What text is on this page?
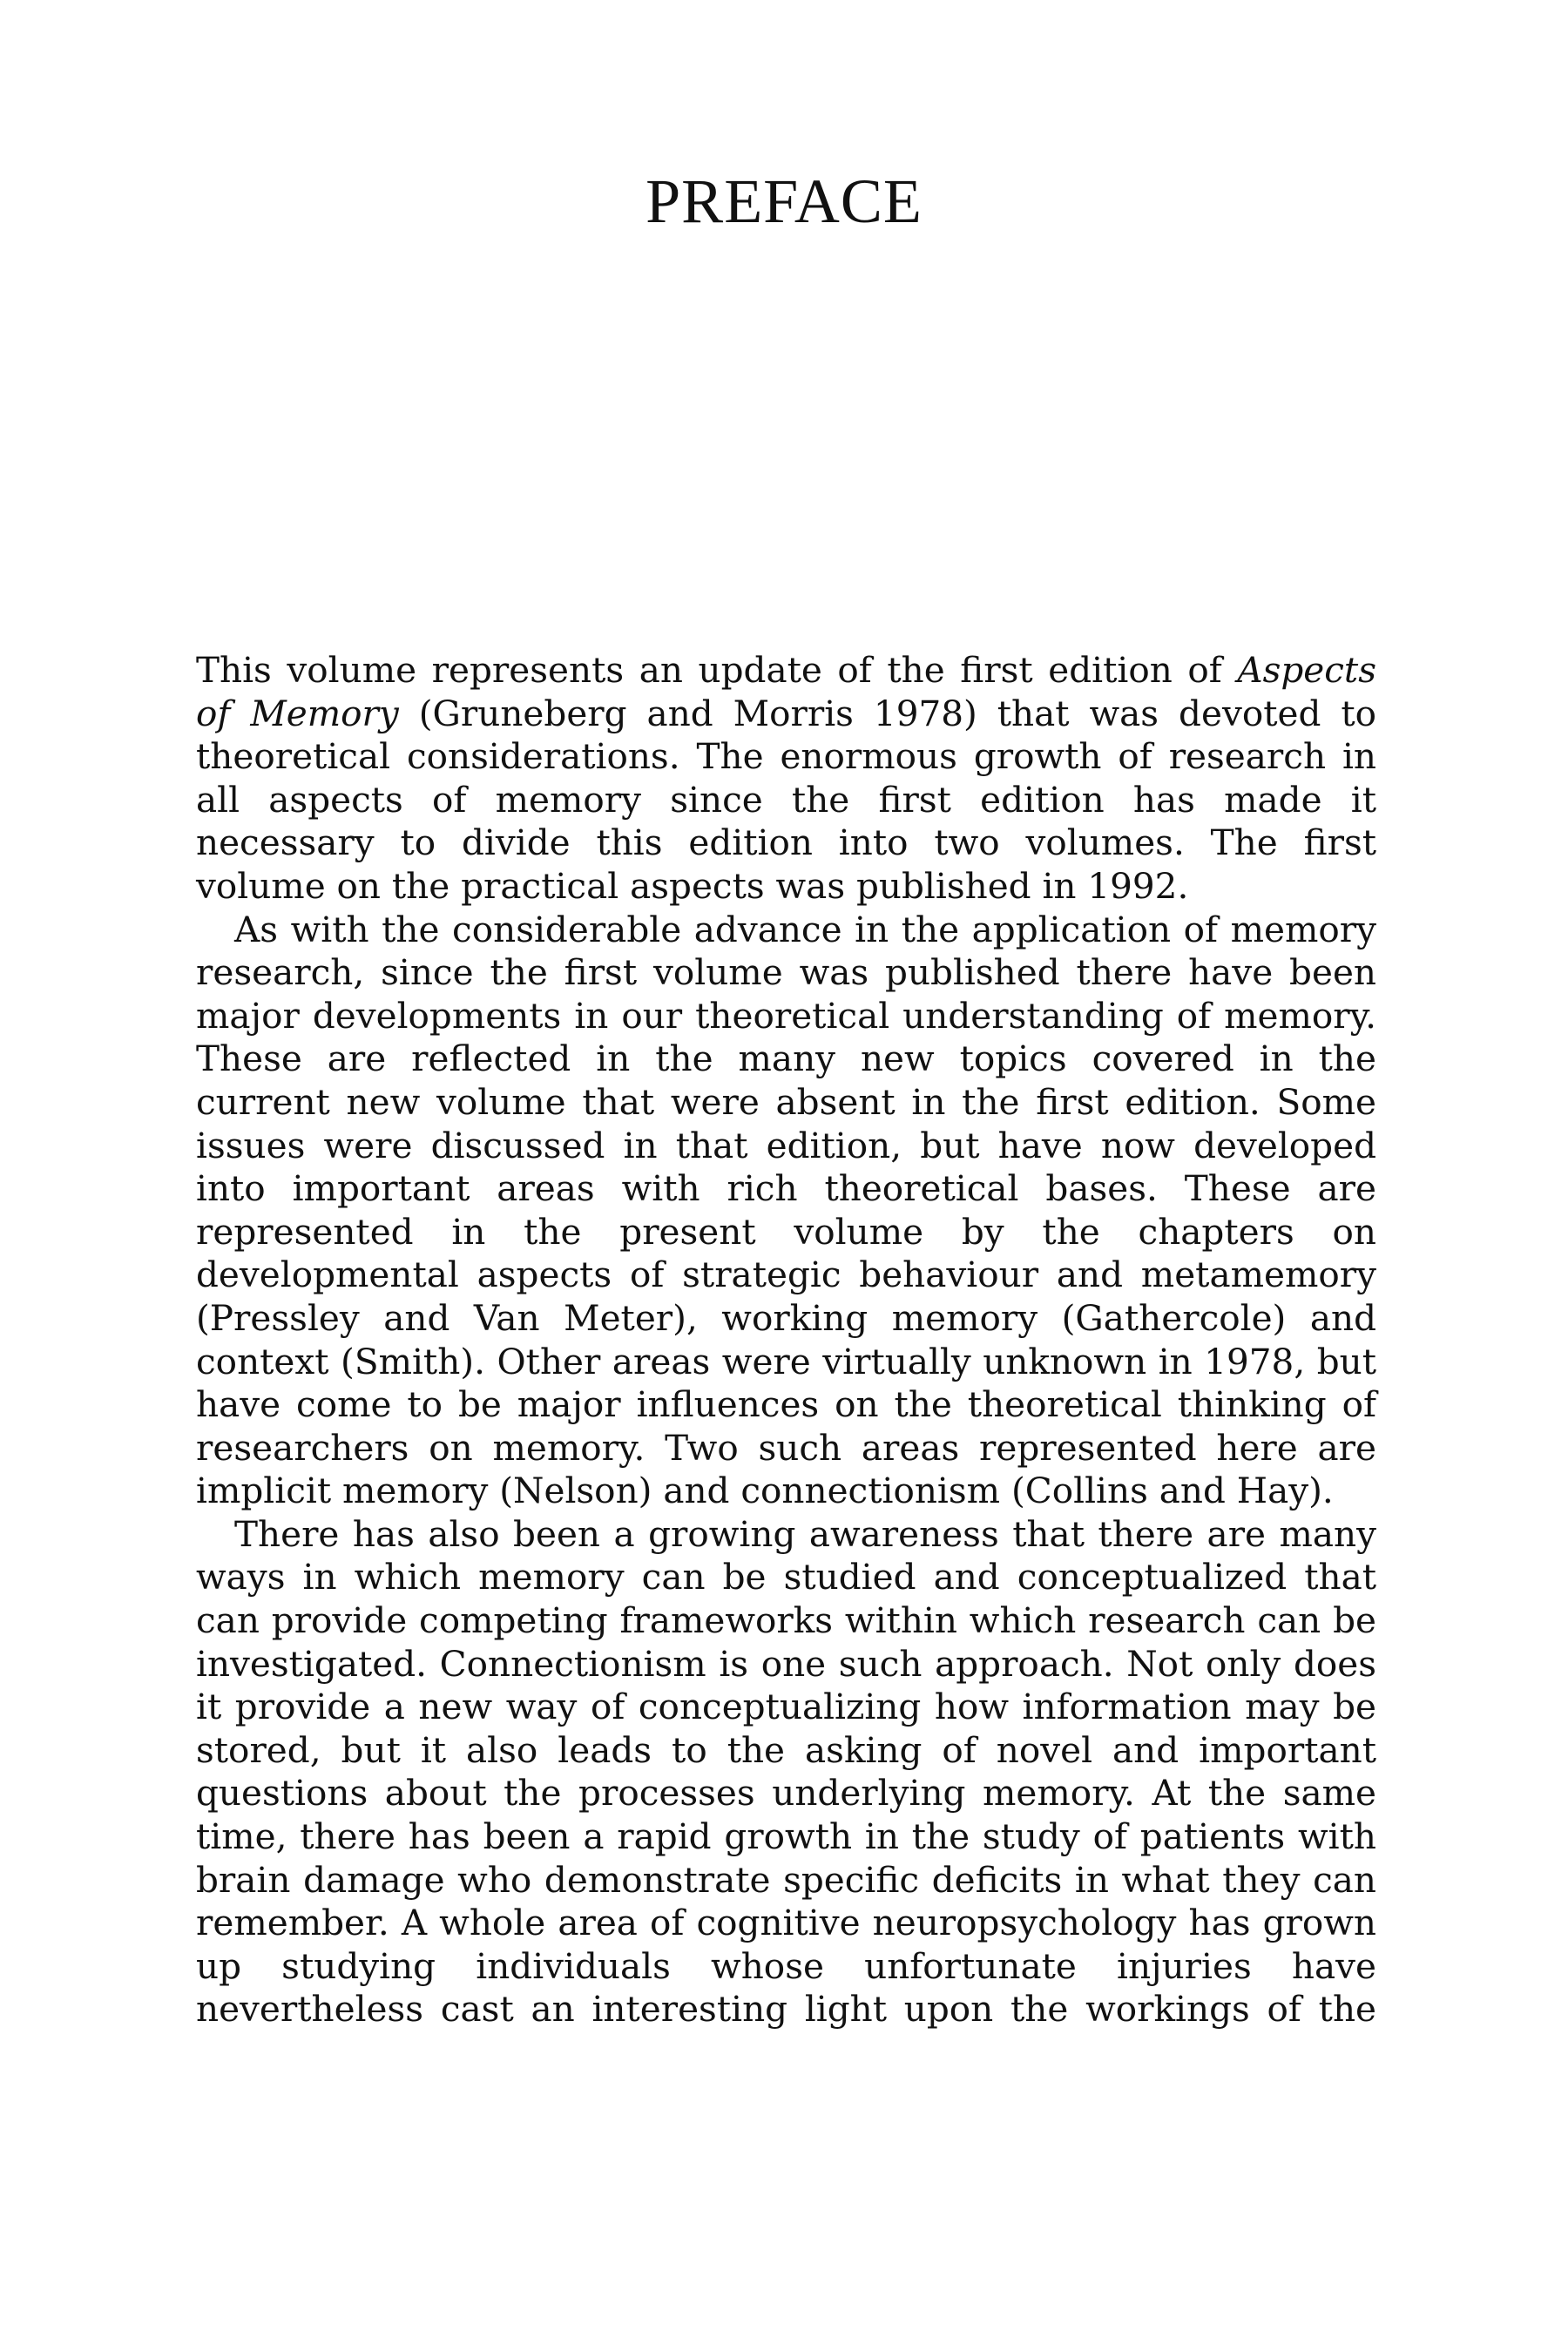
PREFACE

This volume represents an update of the first edition of Aspects of Memory (Gruneberg and Morris 1978) that was devoted to theoretical considerations. The enormous growth of research in all aspects of memory since the first edition has made it necessary to divide this edition into two volumes. The first volume on the practical aspects was published in 1992.

As with the considerable advance in the application of memory research, since the first volume was published there have been major developments in our theoretical understanding of memory. These are reflected in the many new topics covered in the current new volume that were absent in the first edition. Some issues were discussed in that edition, but have now developed into important areas with rich theoretical bases. These are represented in the present volume by the chapters on developmental aspects of strategic behaviour and metamemory (Pressley and Van Meter), working memory (Gathercole) and context (Smith). Other areas were virtually unknown in 1978, but have come to be major influences on the theoretical thinking of researchers on memory. Two such areas represented here are implicit memory (Nelson) and connectionism (Collins and Hay).

There has also been a growing awareness that there are many ways in which memory can be studied and conceptualized that can provide competing frameworks within which research can be investigated. Connectionism is one such approach. Not only does it provide a new way of conceptualizing how information may be stored, but it also leads to the asking of novel and important questions about the processes underlying memory. At the same time, there has been a rapid growth in the study of patients with brain damage who demonstrate specific deficits in what they can remember. A whole area of cognitive neuropsychology has grown up studying individuals whose unfortunate injuries have nevertheless cast an interesting light upon the workings of the
